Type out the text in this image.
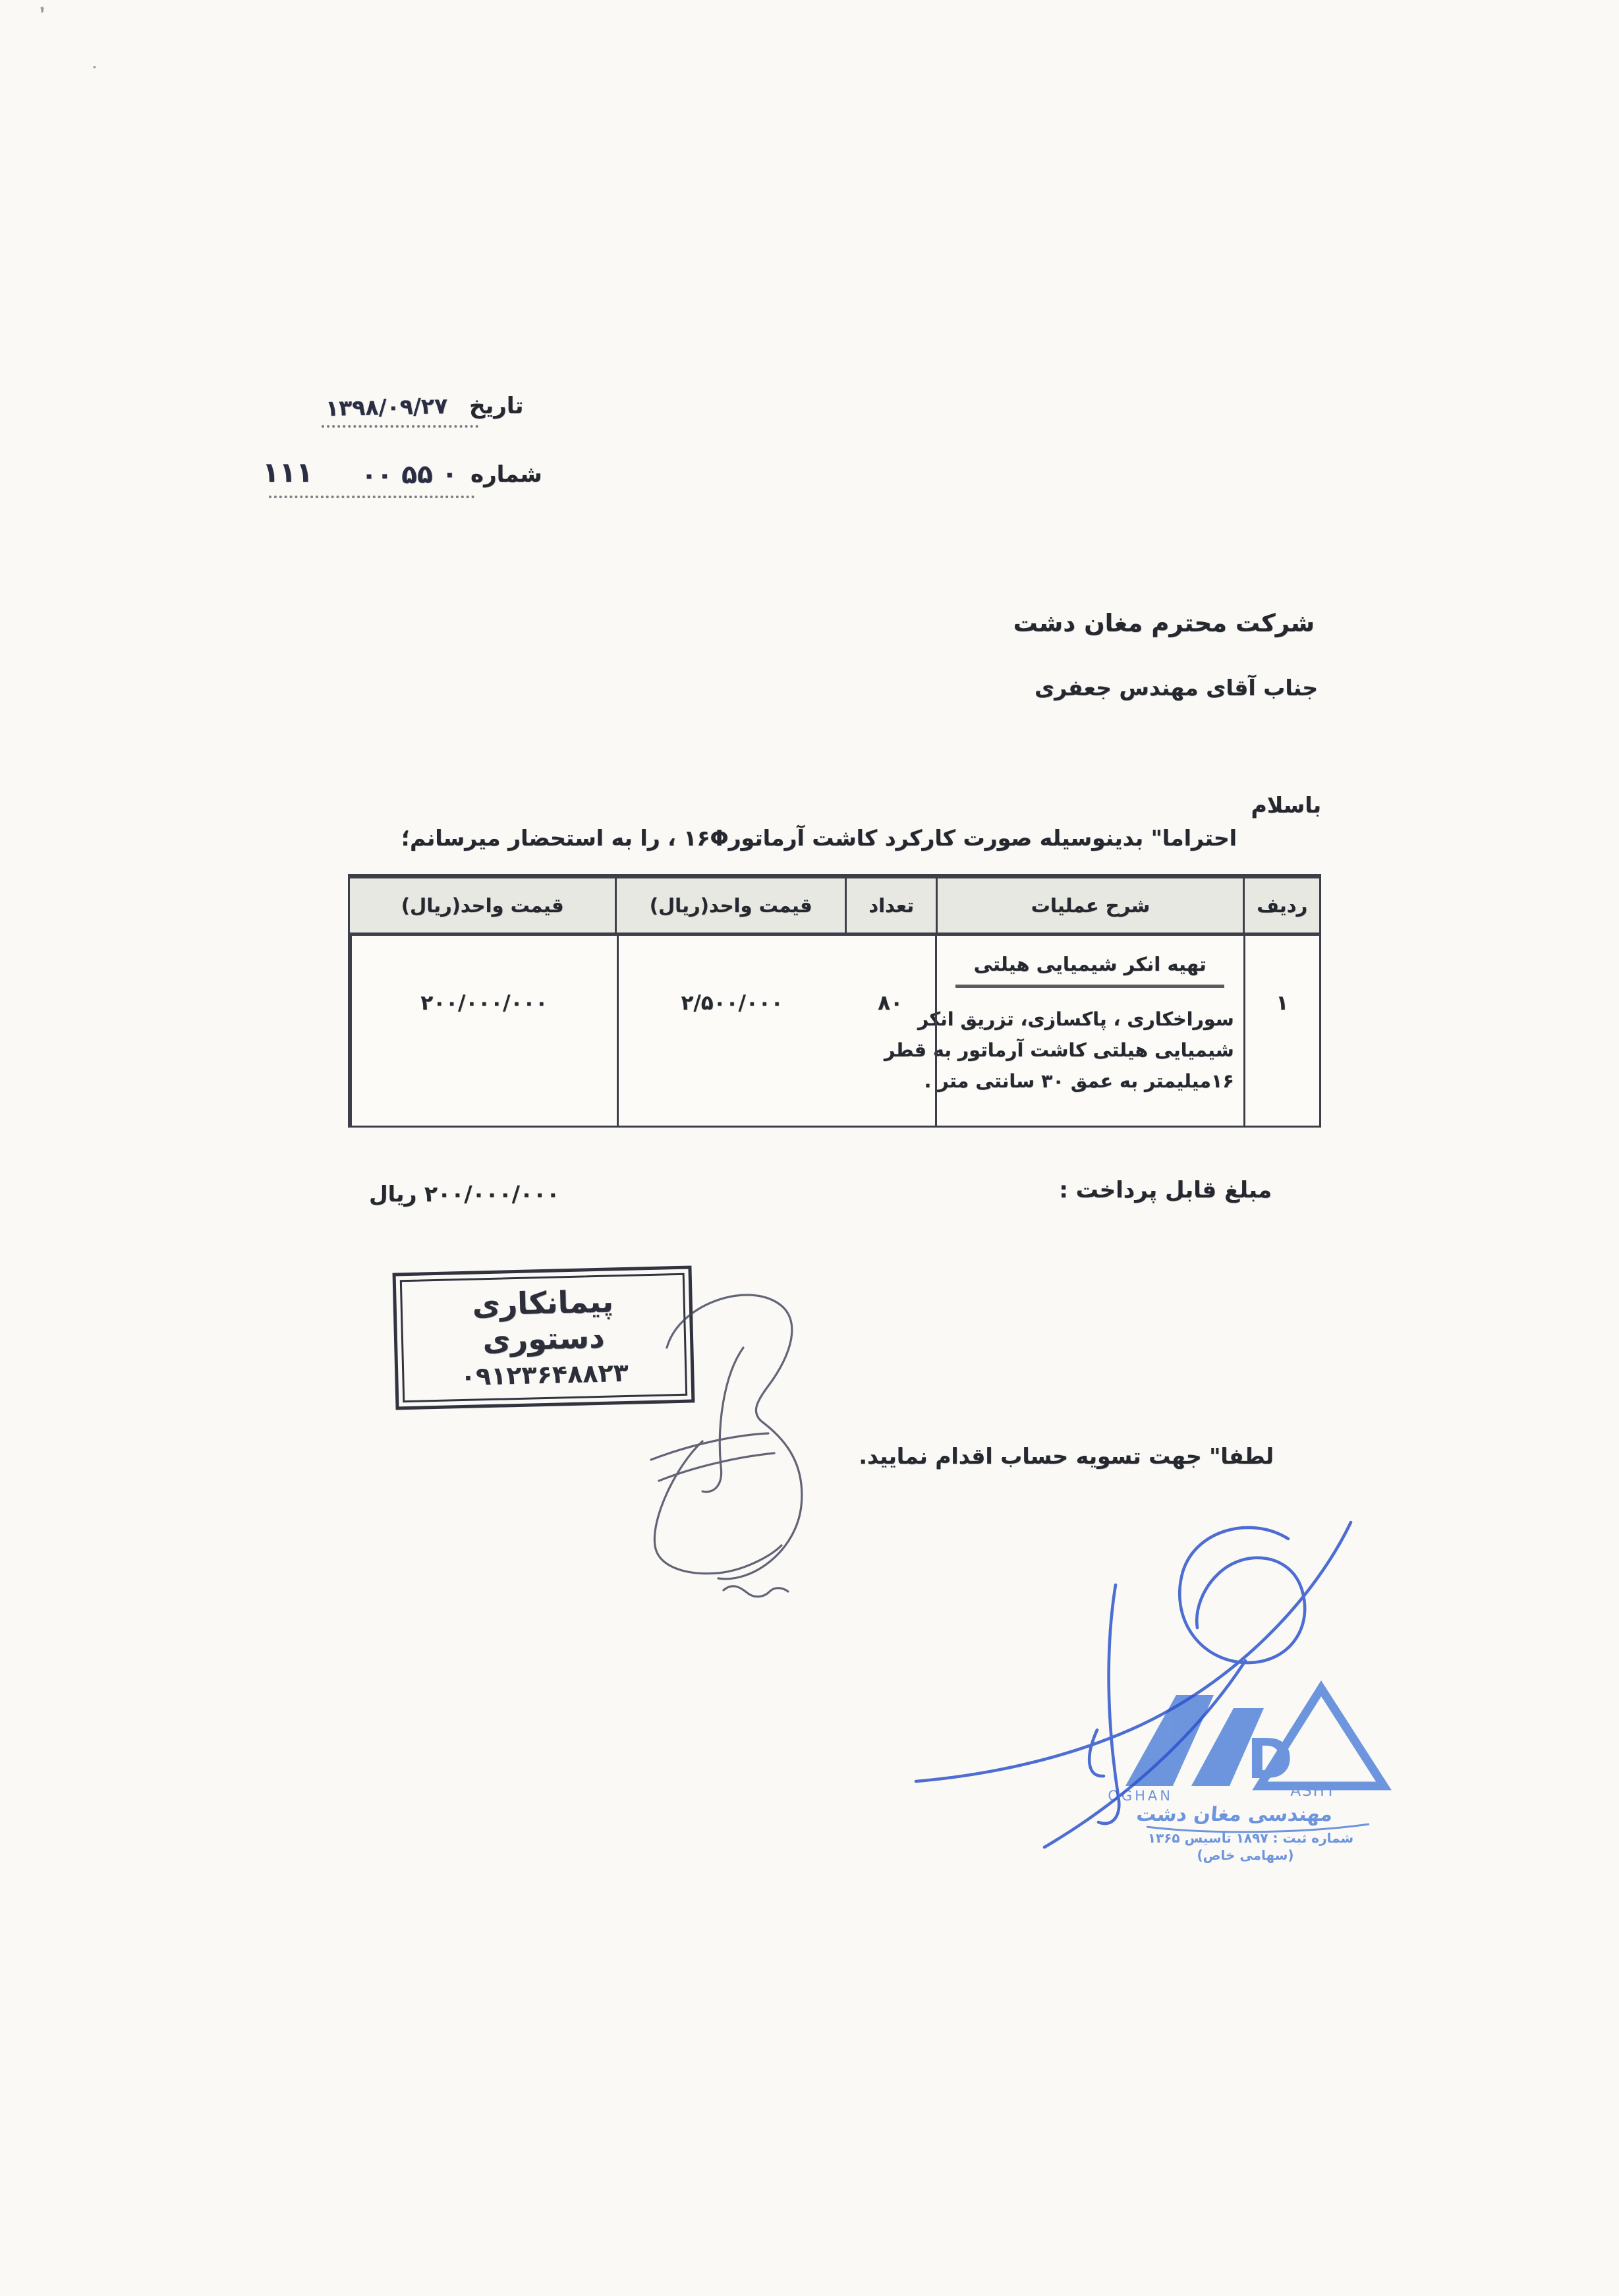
’
·
تاریخ
۱۳۹۸/۰۹/۲۷
شماره
۰۰ ۵۵ ۰
۱۱۱
شرکت محترم مغان دشت
جناب آقای مهندس جعفری
باسلام
احتراما" بدینوسیله صورت کارکرد کاشت آرماتور۱۶Φ ، را به استحضار میرسانم؛
ردیف
شرح عملیات
تعداد
قیمت واحد(ریال)
قیمت واحد(ریال)
۱
تهیه انکر شیمیایی هیلتی
سوراخکاری ، پاکسازی، تزریق انکر
شیمیایی هیلتی کاشت آرماتور به قطر
۱۶میلیمتر به عمق ۳۰ سانتی متر .
۸۰
۲/۵۰۰/۰۰۰
۲۰۰/۰۰۰/۰۰۰
مبلغ قابل پرداخت :
۲۰۰/۰۰۰/۰۰۰ ریال
پیمانکاری دستوری
۰۹۱۲۳۶۴۸۸۲۳
لطفا" جهت تسویه حساب اقدام نمایید.
D
OGHAN	ASHT
مهندسی مغان دشت
شماره ثبت : ۱۸۹۷ تاسیس ۱۳۶۵
(سهامی خاص)
